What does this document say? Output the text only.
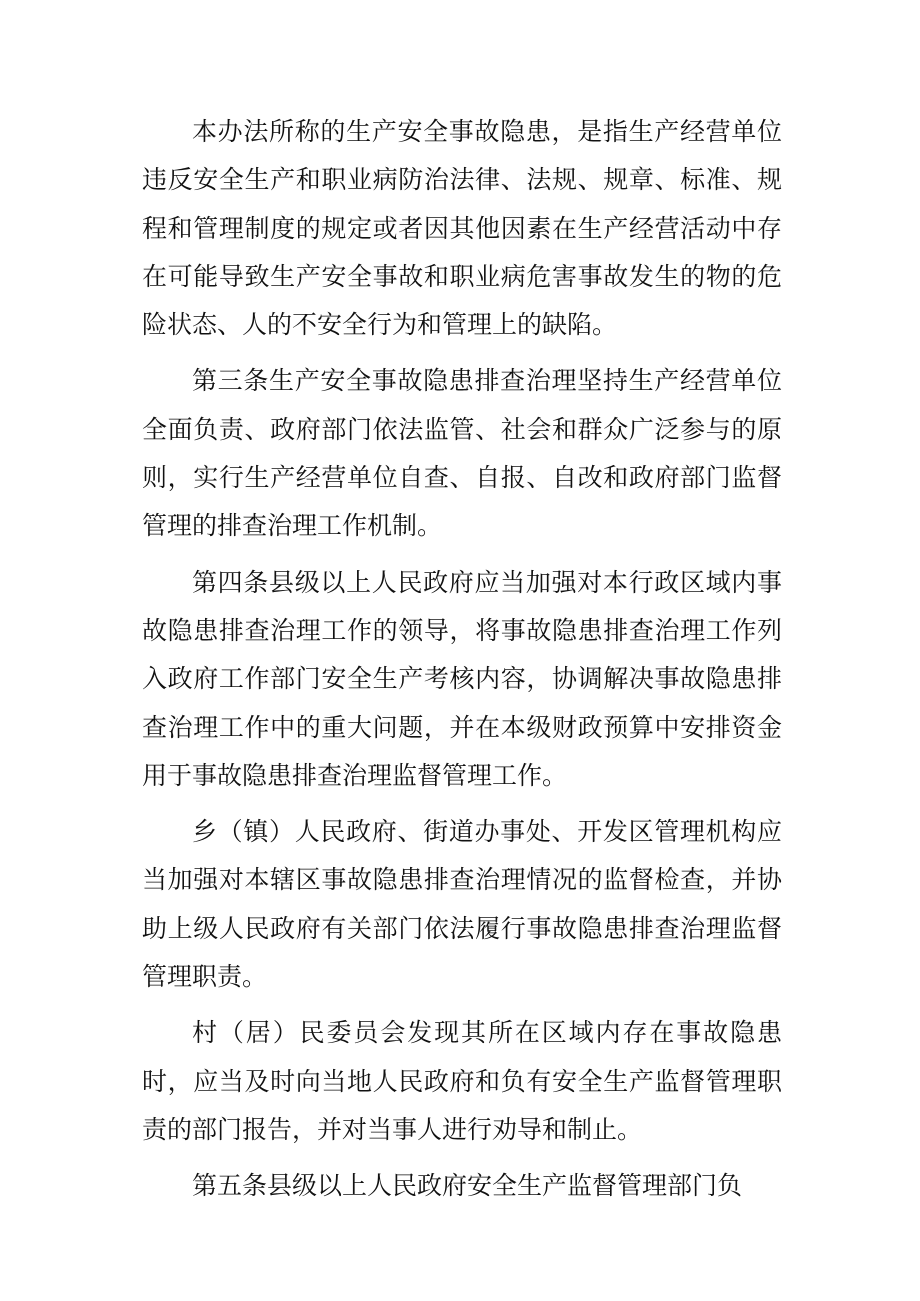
本办法所称的生产安全事故隐患，是指生产经营单位违反安全生产和职业病防治法律、法规、规章、标准、规程和管理制度的规定或者因其他因素在生产经营活动中存在可能导致生产安全事故和职业病危害事故发生的物的危险状态、人的不安全行为和管理上的缺陷。

第三条生产安全事故隐患排查治理坚持生产经营单位全面负责、政府部门依法监管、社会和群众广泛参与的原则，实行生产经营单位自查、自报、自改和政府部门监督管理的排查治理工作机制。

第四条县级以上人民政府应当加强对本行政区域内事故隐患排查治理工作的领导，将事故隐患排查治理工作列入政府工作部门安全生产考核内容，协调解决事故隐患排查治理工作中的重大问题，并在本级财政预算中安排资金用于事故隐患排查治理监督管理工作。

乡（镇）人民政府、街道办事处、开发区管理机构应当加强对本辖区事故隐患排查治理情况的监督检查，并协助上级人民政府有关部门依法履行事故隐患排查治理监督管理职责。

村（居）民委员会发现其所在区域内存在事故隐患时，应当及时向当地人民政府和负有安全生产监督管理职责的部门报告，并对当事人进行劝导和制止。

第五条县级以上人民政府安全生产监督管理部门负
